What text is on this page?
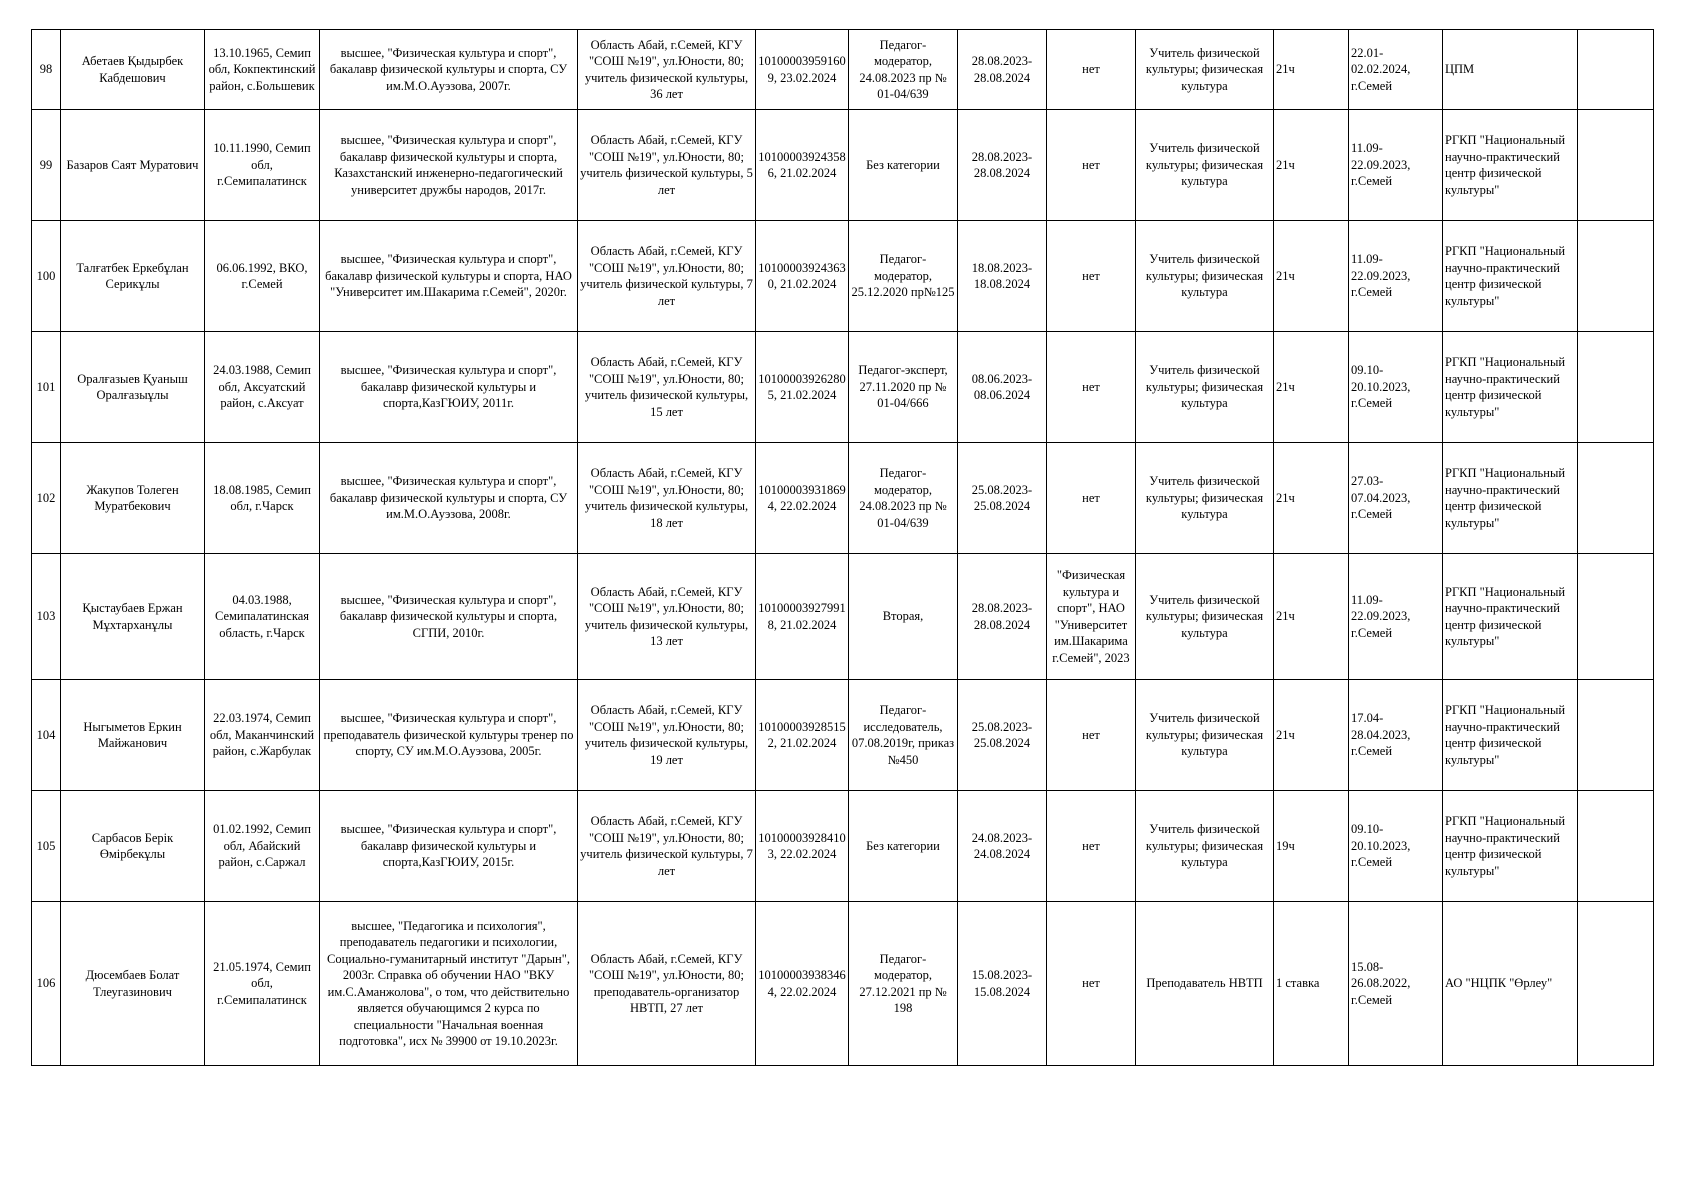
98	Абетаев Қыдырбек Кабдешович	13.10.1965, Семип обл, Кокпектинский район, с.Большевик	высшее, "Физическая культура и спорт", бакалавр физической культуры и спорта, СУ им.М.О.Ауэзова, 2007г.	Область Абай, г.Семей, КГУ "СОШ №19", ул.Юности, 80; учитель физической культуры, 36 лет	101000039591609, 23.02.2024	Педагог-модератор, 24.08.2023 пр № 01-04/639	28.08.2023-28.08.2024	нет	Учитель физической культуры; физическая культура	21ч	22.01-02.02.2024, г.Семей	ЦПМ	
99	Базаров Саят Муратович	10.11.1990, Семип обл, г.Семипалатинск	высшее, "Физическая культура и спорт", бакалавр физической культуры и спорта, Казахстанский инженерно-педагогический университет дружбы народов, 2017г.	Область Абай, г.Семей, КГУ "СОШ №19", ул.Юности, 80; учитель физической культуры, 5 лет	101000039243586, 21.02.2024	Без категории	28.08.2023-28.08.2024	нет	Учитель физической культуры; физическая культура	21ч	11.09-22.09.2023, г.Семей	РГКП "Национальный научно-практический центр физической культуры"	
100	Талғатбек Еркебұлан Серикұлы	06.06.1992, ВКО, г.Семей	высшее, "Физическая культура и спорт", бакалавр физической культуры и спорта, НАО "Университет им.Шакарима г.Семей", 2020г.	Область Абай, г.Семей, КГУ "СОШ №19", ул.Юности, 80; учитель физической культуры, 7 лет	101000039243630, 21.02.2024	Педагог-модератор, 25.12.2020 пр№125	18.08.2023-18.08.2024	нет	Учитель физической культуры; физическая культура	21ч	11.09-22.09.2023, г.Семей	РГКП "Национальный научно-практический центр физической культуры"	
101	Оралғазыев Қуаныш Оралғазыұлы	24.03.1988, Семип обл, Аксуатский район, с.Аксуат	высшее, "Физическая культура и спорт", бакалавр физической культуры и спорта,КазГЮИУ, 2011г.	Область Абай, г.Семей, КГУ "СОШ №19", ул.Юности, 80; учитель физической культуры, 15 лет	101000039262805, 21.02.2024	Педагог-эксперт, 27.11.2020 пр № 01-04/666	08.06.2023-08.06.2024	нет	Учитель физической культуры; физическая культура	21ч	09.10-20.10.2023, г.Семей	РГКП "Национальный научно-практический центр физической культуры"	
102	Жакупов Толеген Муратбекович	18.08.1985, Семип обл, г.Чарск	высшее, "Физическая культура и спорт", бакалавр физической культуры и спорта, СУ им.М.О.Ауэзова, 2008г.	Область Абай, г.Семей, КГУ "СОШ №19", ул.Юности, 80; учитель физической культуры, 18 лет	101000039318694, 22.02.2024	Педагог-модератор, 24.08.2023 пр № 01-04/639	25.08.2023-25.08.2024	нет	Учитель физической культуры; физическая культура	21ч	27.03-07.04.2023, г.Семей	РГКП "Национальный научно-практический центр физической культуры"	
103	Қыстаубаев Ержан Мұхтарханұлы	04.03.1988, Семипалатинская область, г.Чарск	высшее, "Физическая культура и спорт", бакалавр физической культуры и спорта, СГПИ, 2010г.	Область Абай, г.Семей, КГУ "СОШ №19", ул.Юности, 80; учитель физической культуры, 13 лет	101000039279918, 21.02.2024	Вторая,	28.08.2023-28.08.2024	"Физическая культура и спорт", НАО "Университет им.Шакарима г.Семей", 2023	Учитель физической культуры; физическая культура	21ч	11.09-22.09.2023, г.Семей	РГКП "Национальный научно-практический центр физической культуры"	
104	Ныгыметов Еркин Майжанович	22.03.1974, Семип обл, Маканчинский район, с.Жарбулак	высшее, "Физическая культура и спорт", преподаватель физической культуры тренер по спорту, СУ им.М.О.Ауэзова, 2005г.	Область Абай, г.Семей, КГУ "СОШ №19", ул.Юности, 80; учитель физической культуры, 19 лет	101000039285152, 21.02.2024	Педагог-исследователь, 07.08.2019г, приказ №450	25.08.2023-25.08.2024	нет	Учитель физической культуры; физическая культура	21ч	17.04-28.04.2023, г.Семей	РГКП "Национальный научно-практический центр физической культуры"	
105	Сарбасов Берік Өмірбекұлы	01.02.1992, Семип обл, Абайский район, с.Саржал	высшее, "Физическая культура и спорт", бакалавр физической культуры и спорта,КазГЮИУ, 2015г.	Область Абай, г.Семей, КГУ "СОШ №19", ул.Юности, 80; учитель физической культуры, 7 лет	101000039284103, 22.02.2024	Без категории	24.08.2023-24.08.2024	нет	Учитель физической культуры; физическая культура	19ч	09.10-20.10.2023, г.Семей	РГКП "Национальный научно-практический центр физической культуры"	
106	Дюсембаев Болат Тлеугазинович	21.05.1974, Семип обл, г.Семипалатинск	высшее, "Педагогика и психология", преподаватель педагогики и психологии, Социально-гуманитарный институт "Дарын", 2003г. Справка об обучении НАО "ВКУ им.С.Аманжолова", о том, что действительно является обучающимся 2 курса по специальности "Начальная военная подготовка", исх № 39900 от 19.10.2023г.	Область Абай, г.Семей, КГУ "СОШ №19", ул.Юности, 80; преподаватель-организатор НВТП, 27 лет	101000039383464, 22.02.2024	Педагог-модератор, 27.12.2021 пр № 198	15.08.2023-15.08.2024	нет	Преподаватель НВТП	1 ставка	15.08-26.08.2022, г.Семей	АО "НЦПК "Өрлеу"	
